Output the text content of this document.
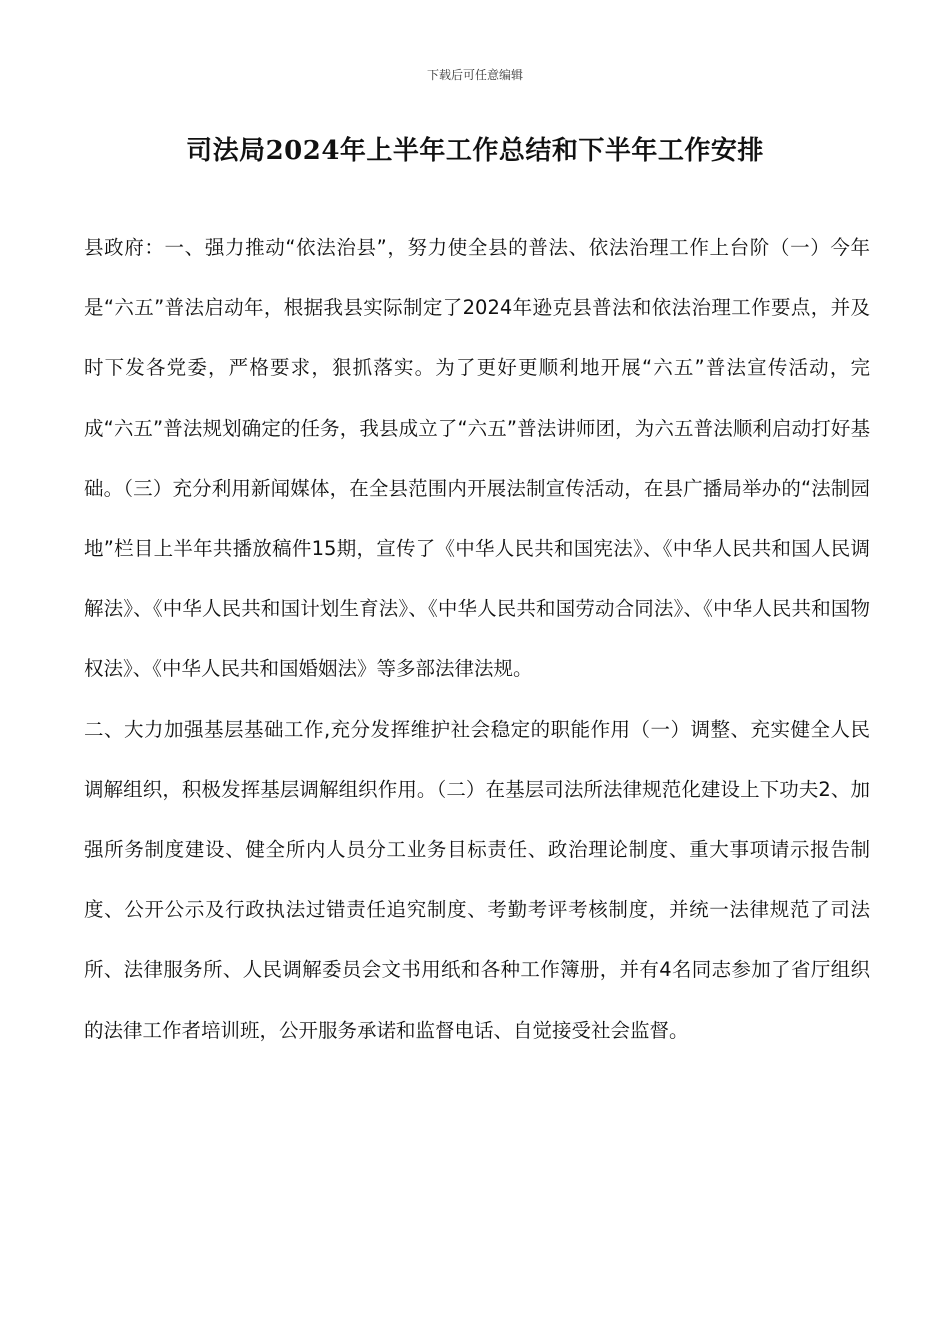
下载后可任意编辑
司法局2024年上半年工作总结和下半年工作安排

县政府：一、强力推动“依法治县”，努力使全县的普法、依法治理工作上台阶（一）今年是“六五”普法启动年，根据我县实际制定了2024年逊克县普法和依法治理工作要点，并及时下发各党委，严格要求，狠抓落实。为了更好更顺利地开展“六五”普法宣传活动，完成“六五”普法规划确定的任务，我县成立了“六五”普法讲师团，为六五普法顺利启动打好基础。（三）充分利用新闻媒体，在全县范围内开展法制宣传活动，在县广播局举办的“法制园地”栏目上半年共播放稿件15期，宣传了《中华人民共和国宪法》、《中华人民共和国人民调解法》、《中华人民共和国计划生育法》、《中华人民共和国劳动合同法》、《中华人民共和国物权法》、《中华人民共和国婚姻法》等多部法律法规。

二、大力加强基层基础工作,充分发挥维护社会稳定的职能作用（一）调整、充实健全人民调解组织，积极发挥基层调解组织作用。（二）在基层司法所法律规范化建设上下功夫2、加强所务制度建设、健全所内人员分工业务目标责任、政治理论制度、重大事项请示报告制度、公开公示及行政执法过错责任追究制度、考勤考评考核制度，并统一法律规范了司法所、法律服务所、人民调解委员会文书用纸和各种工作簿册，并有4名同志参加了省厅组织的法律工作者培训班，公开服务承诺和监督电话、自觉接受社会监督。
